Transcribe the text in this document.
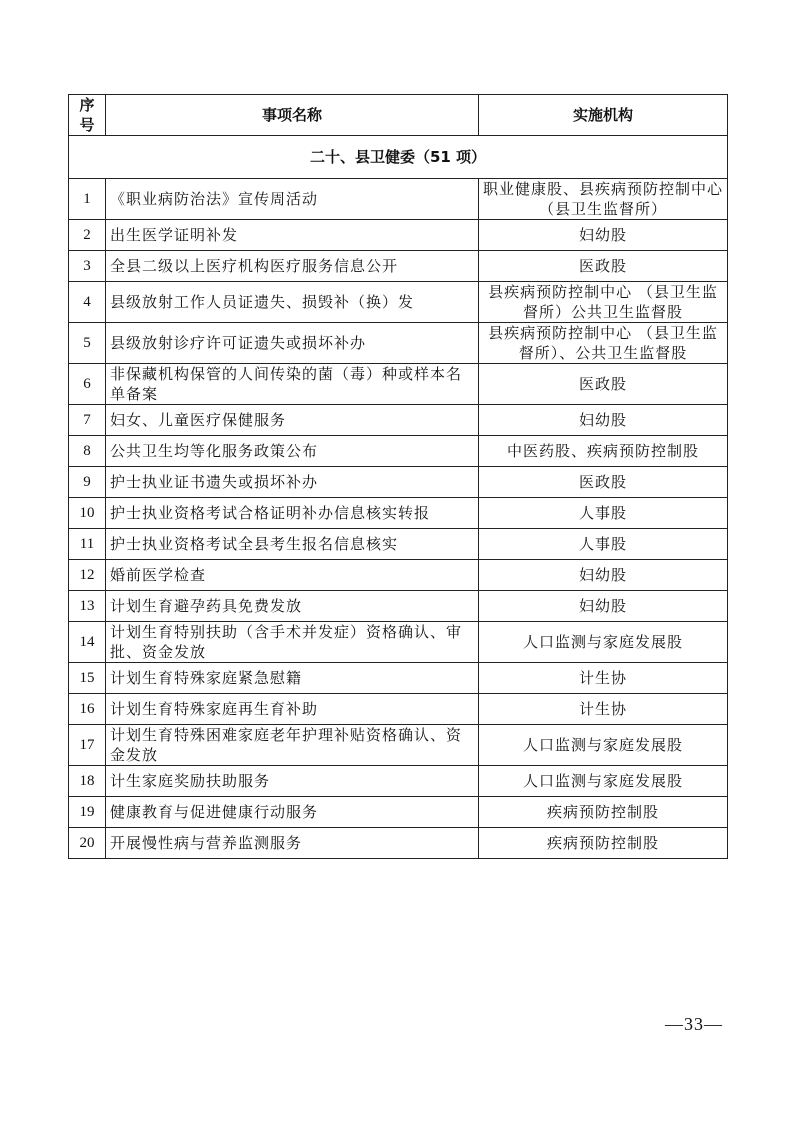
序号	事项名称	实施机构
二十、县卫健委（51 项）		
1	《职业病防治法》宣传周活动	职业健康股、县疾病预防控制中心（县卫生监督所）
2	出生医学证明补发	妇幼股
3	全县二级以上医疗机构医疗服务信息公开	医政股
4	县级放射工作人员证遗失、损毁补（换）发	县疾病预防控制中心 （县卫生监督所）公共卫生监督股
5	县级放射诊疗许可证遗失或损坏补办	县疾病预防控制中心 （县卫生监督所）、公共卫生监督股
6	非保藏机构保管的人间传染的菌（毒）种或样本名单备案	医政股
7	妇女、儿童医疗保健服务	妇幼股
8	公共卫生均等化服务政策公布	中医药股、疾病预防控制股
9	护士执业证书遗失或损坏补办	医政股
10	护士执业资格考试合格证明补办信息核实转报	人事股
11	护士执业资格考试全县考生报名信息核实	人事股
12	婚前医学检查	妇幼股
13	计划生育避孕药具免费发放	妇幼股
14	计划生育特别扶助（含手术并发症）资格确认、审批、资金发放	人口监测与家庭发展股
15	计划生育特殊家庭紧急慰籍	计生协
16	计划生育特殊家庭再生育补助	计生协
17	计划生育特殊困难家庭老年护理补贴资格确认、资金发放	人口监测与家庭发展股
18	计生家庭奖励扶助服务	人口监测与家庭发展股
19	健康教育与促进健康行动服务	疾病预防控制股
20	开展慢性病与营养监测服务	疾病预防控制股
—33—
